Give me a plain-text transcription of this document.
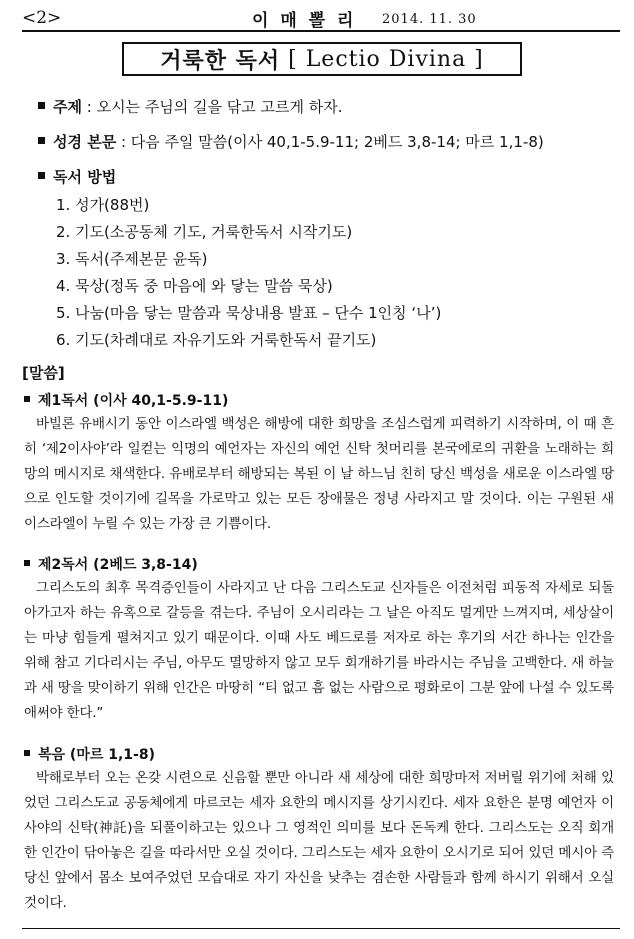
<2>	이 매 뽈 리 2014. 11. 30
거룩한 독서 [ Lectio Divina ]
주제 : 오시는 주님의 길을 닦고 고르게 하자.
성경 본문 : 다음 주일 말씀(이사 40,1-5.9-11; 2베드 3,8-14; 마르 1,1-8)
독서 방법
1. 성가(88번)
2. 기도(소공동체 기도, 거룩한독서 시작기도)
3. 독서(주제본문 윤독)
4. 묵상(정독 중 마음에 와 닿는 말씀 묵상)
5. 나눔(마음 닿는 말씀과 묵상내용 발표 – 단수 1인칭 ‘나’)
6. 기도(차례대로 자유기도와 거룩한독서 끝기도)
[말씀]
제1독서 (이사 40,1-5.9-11)

바빌론 유배시기 동안 이스라엘 백성은 해방에 대한 희망을 조심스럽게 피력하기 시작하며, 이 때 흔히 ‘제2이사야’라 일컫는 익명의 예언자는 자신의 예언 신탁 첫머리를 본국에로의 귀환을 노래하는 희망의 메시지로 채색한다. 유배로부터 해방되는 복된 이 날 하느님 친히 당신 백성을 새로운 이스라엘 땅으로 인도할 것이기에 길목을 가로막고 있는 모든 장애물은 정녕 사라지고 말 것이다. 이는 구원된 새 이스라엘이 누릴 수 있는 가장 큰 기쁨이다.

제2독서 (2베드 3,8-14)

그리스도의 최후 목격증인들이 사라지고 난 다음 그리스도교 신자들은 이전처럼 피동적 자세로 되돌아가고자 하는 유혹으로 갈등을 겪는다. 주님이 오시리라는 그 날은 아직도 멀게만 느껴지며, 세상살이는 마냥 힘들게 펼쳐지고 있기 때문이다. 이때 사도 베드로를 저자로 하는 후기의 서간 하나는 인간을 위해 참고 기다리시는 주님, 아무도 멸망하지 않고 모두 회개하기를 바라시는 주님을 고백한다. 새 하늘과 새 땅을 맞이하기 위해 인간은 마땅히 “티 없고 흠 없는 사람으로 평화로이 그분 앞에 나설 수 있도록 애써야 한다.”

복음 (마르 1,1-8)

박해로부터 오는 온갖 시련으로 신음할 뿐만 아니라 새 세상에 대한 희망마저 저버릴 위기에 처해 있었던 그리스도교 공동체에게 마르코는 세자 요한의 메시지를 상기시킨다. 세자 요한은 분명 예언자 이사야의 신탁(神託)을 되풀이하고는 있으나 그 영적인 의미를 보다 돈독케 한다. 그리스도는 오직 회개한 인간이 닦아놓은 길을 따라서만 오실 것이다. 그리스도는 세자 요한이 오시기로 되어 있던 메시아 즉 당신 앞에서 몸소 보여주었던 모습대로 자기 자신을 낮추는 겸손한 사람들과 함께 하시기 위해서 오실 것이다.
